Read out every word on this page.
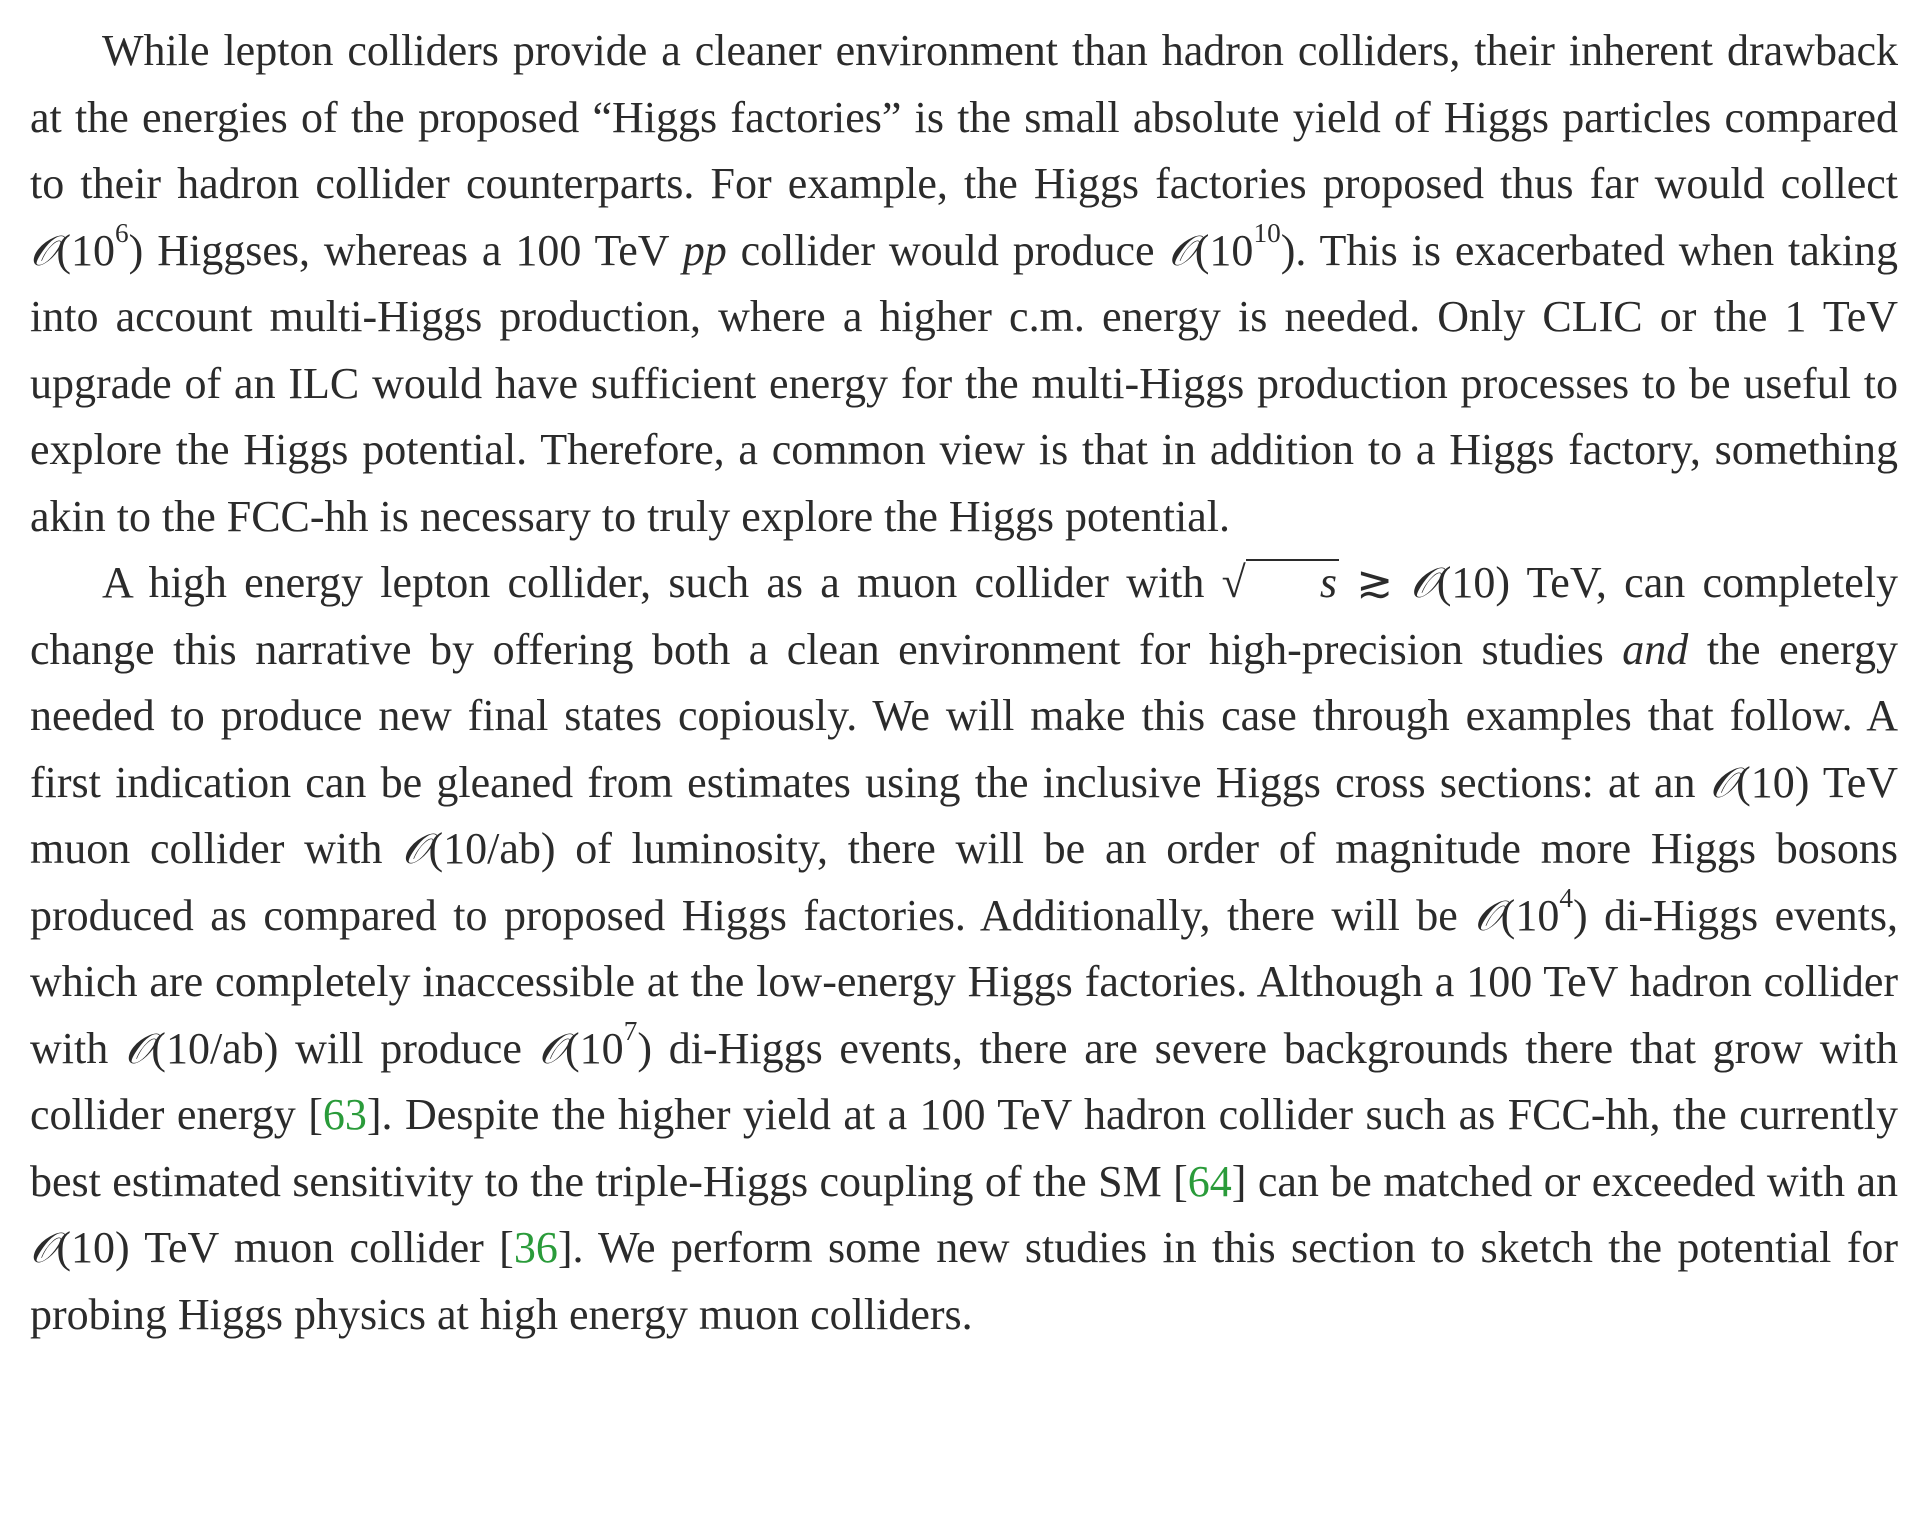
While lepton colliders provide a cleaner environment than hadron colliders, their inherent drawback at the energies of the proposed “Higgs factories” is the small absolute yield of Higgs particles compared to their hadron collider counterparts. For example, the Higgs factories proposed thus far would collect $𝒪(10^6)$ Higgses, whereas a 100 TeV pp collider would produce $𝒪(10^{10})$. This is exacerbated when taking into account multi-Higgs production, where a higher c.m. energy is needed. Only CLIC or the 1 TeV upgrade of an ILC would have sufficient energy for the multi-Higgs production processes to be useful to explore the Higgs potential. Therefore, a common view is that in addition to a Higgs factory, something akin to the FCC-hh is necessary to truly explore the Higgs potential.

A high energy lepton collider, such as a muon collider with √ s ≳ 𝒪(10) TeV, can completely change this narrative by offering both a clean environment for high-precision studies and the energy needed to produce new final states copiously. We will make this case through examples that follow. A first indication can be gleaned from estimates using the inclusive Higgs cross sections: at an 𝒪(10) TeV muon collider with 𝒪(10/ab) of luminosity, there will be an order of magnitude more Higgs bosons produced as compared to proposed Higgs factories. Additionally, there will be $𝒪(10^4)$ di-Higgs events, which are completely inaccessible at the low-energy Higgs factories. Although a 100 TeV hadron collider with 𝒪(10/ab) will produce $𝒪(10^7)$ di-Higgs events, there are severe backgrounds there that grow with collider energy [63]. Despite the higher yield at a 100 TeV hadron collider such as FCC-hh, the currently best estimated sensitivity to the triple-Higgs coupling of the SM [64] can be matched or exceeded with an 𝒪(10) TeV muon collider [36]. We perform some new studies in this section to sketch the potential for probing Higgs physics at high energy muon colliders.
